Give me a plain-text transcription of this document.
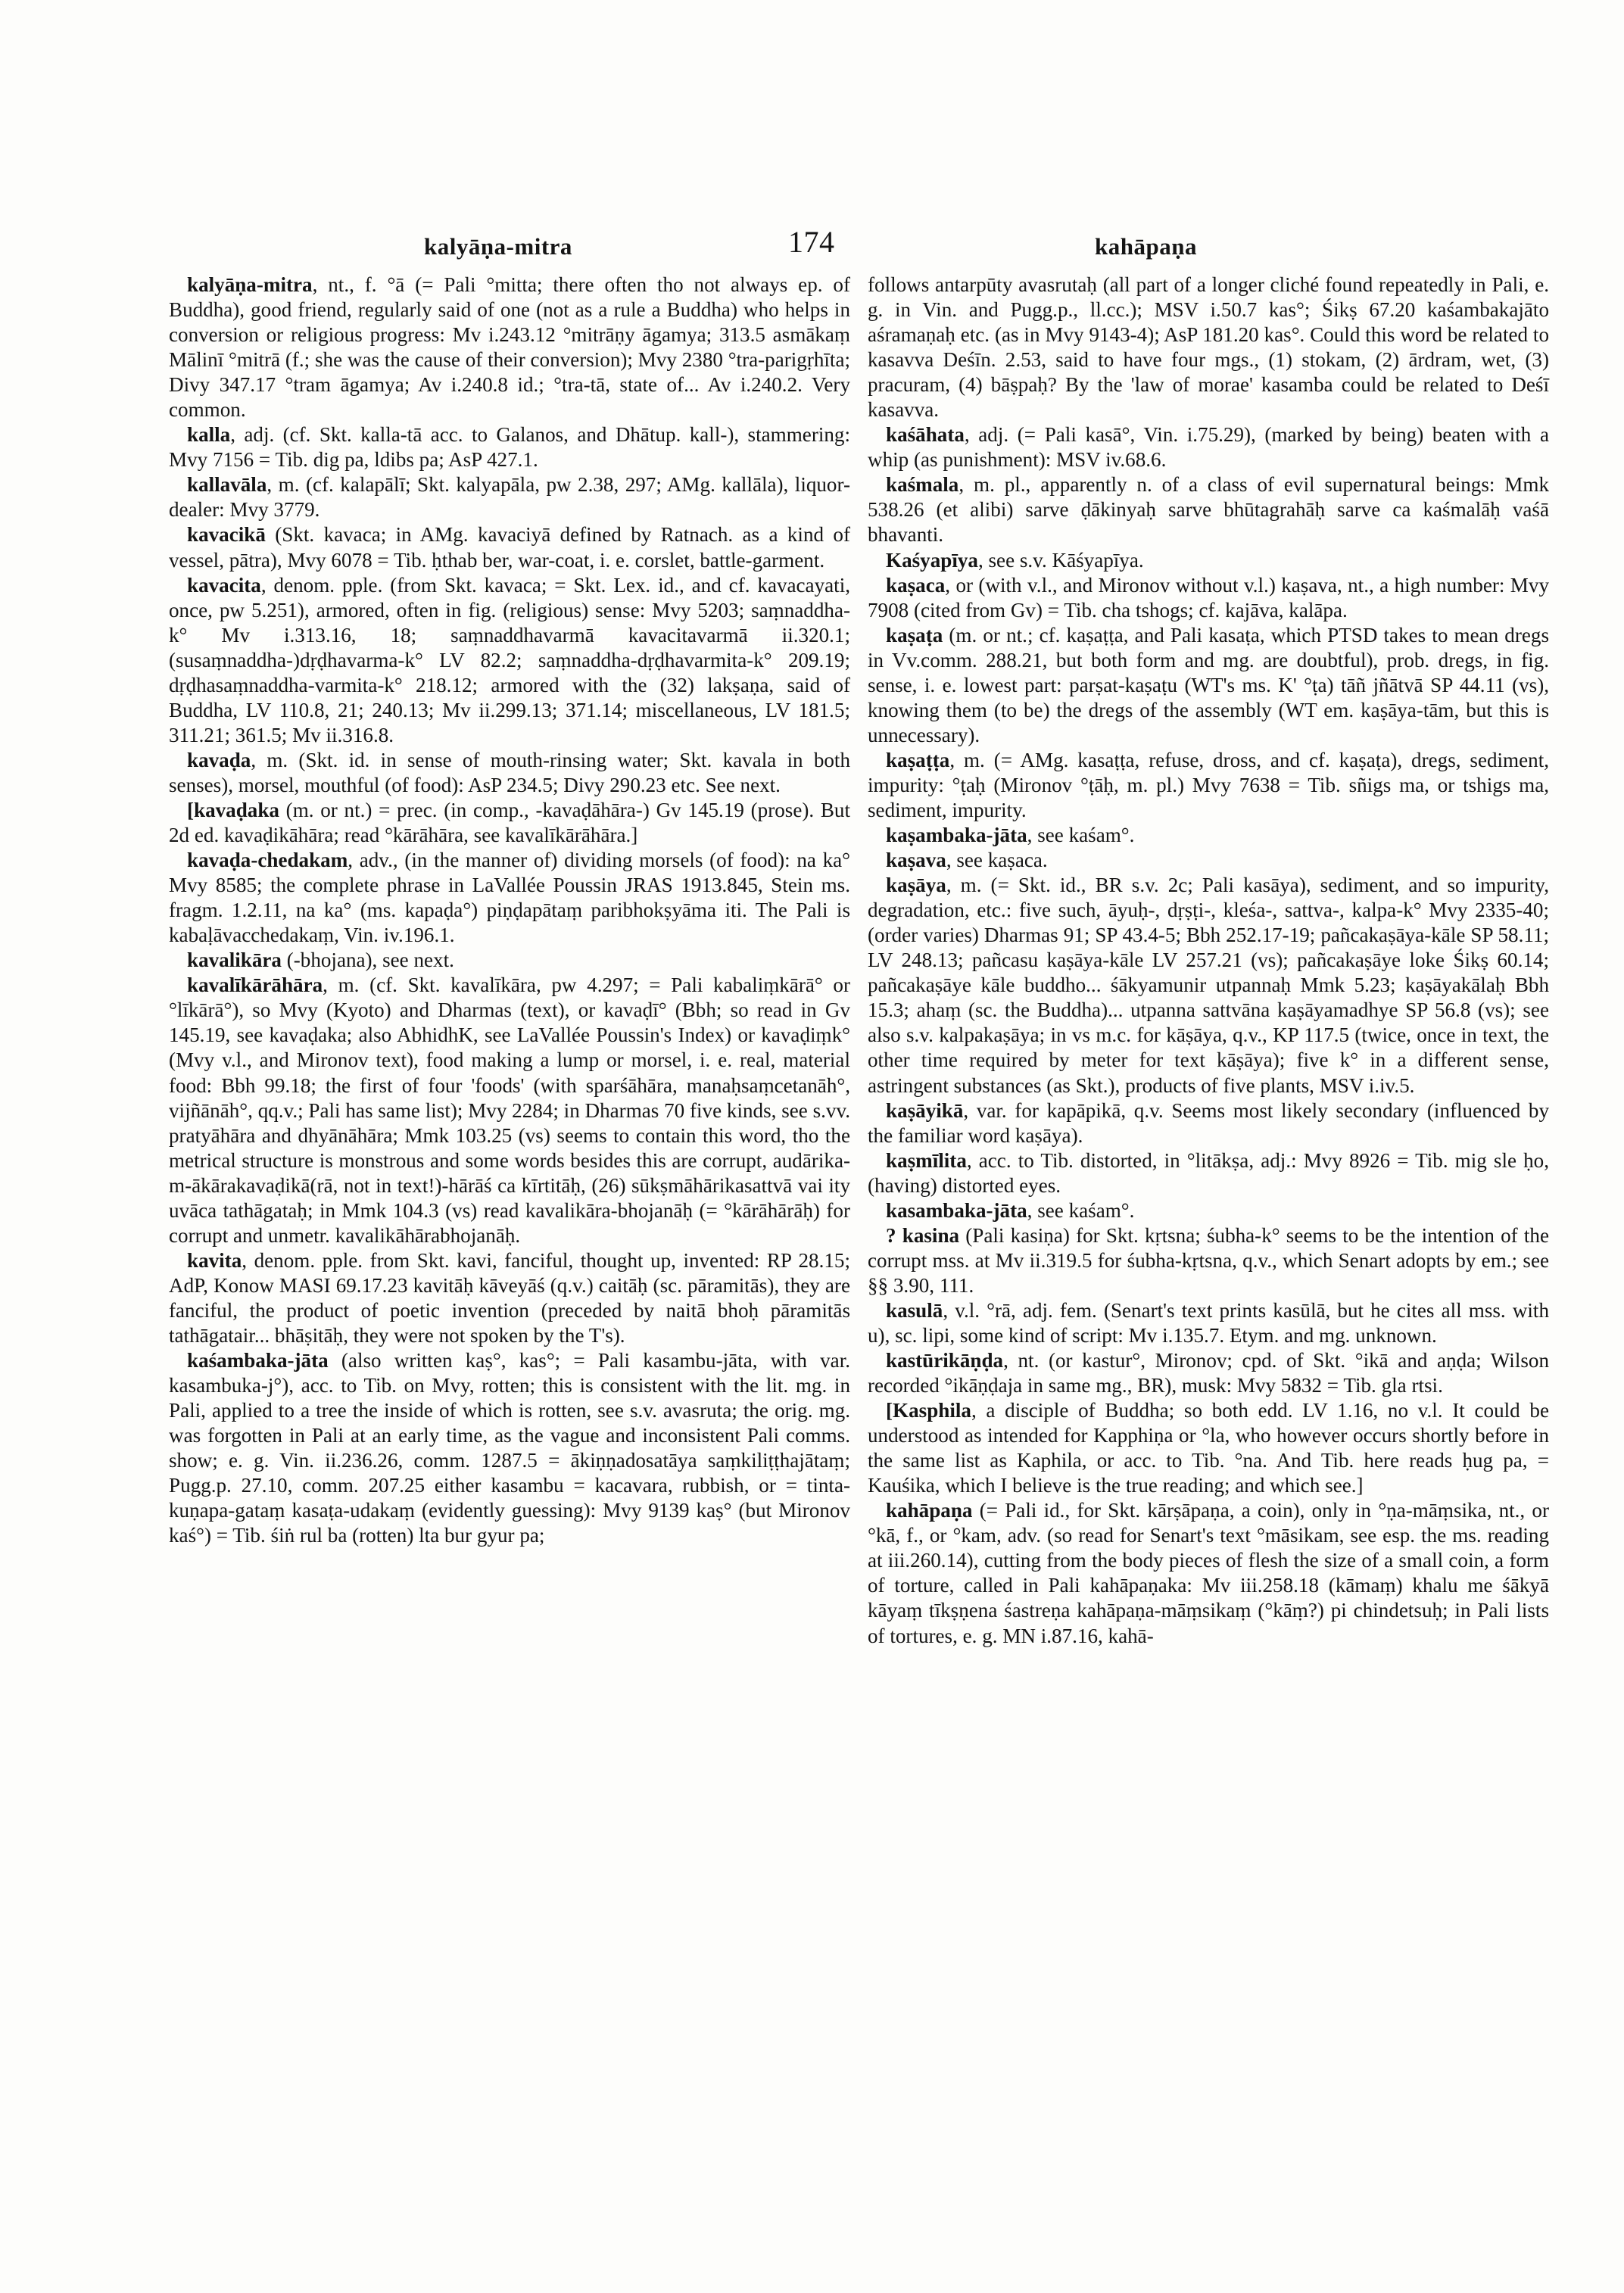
kalyāṇa-mitra	174	kahāpaṇa

kalyāṇa-mitra, nt., f. °ā (= Pali °mitta; there often tho not always ep. of Buddha), good friend, regularly said of one (not as a rule a Buddha) who helps in conversion or religious progress: Mv i.243.12 °mitrāṇy āgamya; 313.5 asmākaṃ Mālinī °mitrā (f.; she was the cause of their conversion); Mvy 2380 °tra-parigṛhīta; Divy 347.17 °tram āgamya; Av i.240.8 id.; °tra-tā, state of... Av i.240.2. Very common.

kalla, adj. (cf. Skt. kalla-tā acc. to Galanos, and Dhātup. kall-), stammering: Mvy 7156 = Tib. dig pa, ldibs pa; AsP 427.1.

kallavāla, m. (cf. kalapālī; Skt. kalyapāla, pw 2.38, 297; AMg. kallāla), liquor-dealer: Mvy 3779.

kavacikā (Skt. kavaca; in AMg. kavaciyā defined by Ratnach. as a kind of vessel, pātra), Mvy 6078 = Tib. ḥthab ber, war-coat, i. e. corslet, battle-garment.

kavacita, denom. pple. (from Skt. kavaca; = Skt. Lex. id., and cf. kavacayati, once, pw 5.251), armored, often in fig. (religious) sense: Mvy 5203; saṃnaddha-k° Mv i.313.16, 18; saṃnaddhavarmā kavacitavarmā ii.320.1; (susaṃnaddha-)dṛḍhavarma-k° LV 82.2; saṃnaddha-dṛḍhavarmita-k° 209.19; dṛḍhasaṃnaddha-varmita-k° 218.12; armored with the (32) lakṣaṇa, said of Buddha, LV 110.8, 21; 240.13; Mv ii.299.13; 371.14; miscellaneous, LV 181.5; 311.21; 361.5; Mv ii.316.8.

kavaḍa, m. (Skt. id. in sense of mouth-rinsing water; Skt. kavala in both senses), morsel, mouthful (of food): AsP 234.5; Divy 290.23 etc. See next.

[kavaḍaka (m. or nt.) = prec. (in comp., -kavaḍāhāra-) Gv 145.19 (prose). But 2d ed. kavaḍikāhāra; read °kārāhāra, see kavalīkārāhāra.]

kavaḍa-chedakam, adv., (in the manner of) dividing morsels (of food): na ka° Mvy 8585; the complete phrase in LaVallée Poussin JRAS 1913.845, Stein ms. fragm. 1.2.11, na ka° (ms. kapaḍa°) piṇḍapātaṃ paribhokṣyāma iti. The Pali is kabaḷāvacchedakaṃ, Vin. iv.196.1.

kavalikāra (-bhojana), see next.

kavalīkārāhāra, m. (cf. Skt. kavalīkāra, pw 4.297; = Pali kabaliṃkārā° or °līkārā°), so Mvy (Kyoto) and Dharmas (text), or kavaḍī° (Bbh; so read in Gv 145.19, see kavaḍaka; also AbhidhK, see LaVallée Poussin's Index) or kavaḍiṃk° (Mvy v.l., and Mironov text), food making a lump or morsel, i. e. real, material food: Bbh 99.18; the first of four 'foods' (with sparśāhāra, manaḥsaṃcetanāh°, vijñānāh°, qq.v.; Pali has same list); Mvy 2284; in Dharmas 70 five kinds, see s.vv. pratyāhāra and dhyānāhāra; Mmk 103.25 (vs) seems to contain this word, tho the metrical structure is monstrous and some words besides this are corrupt, audārika-m-ākārakavaḍikā(rā, not in text!)-hārāś ca kīrtitāḥ, (26) sūkṣmāhārikasattvā vai ity uvāca tathāgataḥ; in Mmk 104.3 (vs) read kavalikāra-bhojanāḥ (= °kārāhārāḥ) for corrupt and unmetr. kavalikāhārabhojanāḥ.

kavita, denom. pple. from Skt. kavi, fanciful, thought up, invented: RP 28.15; AdP, Konow MASI 69.17.23 kavitāḥ kāveyāś (q.v.) caitāḥ (sc. pāramitās), they are fanciful, the product of poetic invention (preceded by naitā bhoḥ pāramitās tathāgatair... bhāṣitāḥ, they were not spoken by the T's).

kaśambaka-jāta (also written kaṣ°, kas°; = Pali kasambu-jāta, with var. kasambuka-j°), acc. to Tib. on Mvy, rotten; this is consistent with the lit. mg. in Pali, applied to a tree the inside of which is rotten, see s.v. avasruta; the orig. mg. was forgotten in Pali at an early time, as the vague and inconsistent Pali comms. show; e. g. Vin. ii.236.26, comm. 1287.5 = ākiṇṇadosatāya saṃkiliṭṭhajātaṃ; Pugg.p. 27.10, comm. 207.25 either kasambu = kacavara, rubbish, or = tinta-kuṇapa-gataṃ kasaṭa-udakaṃ (evidently guessing): Mvy 9139 kaṣ° (but Mironov kaś°) = Tib. śiṅ rul ba (rotten) lta bur gyur pa;

follows antarpūty avasrutaḥ (all part of a longer cliché found repeatedly in Pali, e. g. in Vin. and Pugg.p., ll.cc.); MSV i.50.7 kas°; Śikṣ 67.20 kaśambakajāto aśramaṇaḥ etc. (as in Mvy 9143-4); AsP 181.20 kas°. Could this word be related to kasavva Deśīn. 2.53, said to have four mgs., (1) stokam, (2) ārdram, wet, (3) pracuram, (4) bāṣpaḥ? By the 'law of morae' kasamba could be related to Deśī kasavva.

kaśāhata, adj. (= Pali kasā°, Vin. i.75.29), (marked by being) beaten with a whip (as punishment): MSV iv.68.6.

kaśmala, m. pl., apparently n. of a class of evil supernatural beings: Mmk 538.26 (et alibi) sarve ḍākinyaḥ sarve bhūtagrahāḥ sarve ca kaśmalāḥ vaśā bhavanti.

Kaśyapīya, see s.v. Kāśyapīya.

kaṣaca, or (with v.l., and Mironov without v.l.) kaṣava, nt., a high number: Mvy 7908 (cited from Gv) = Tib. cha tshogs; cf. kajāva, kalāpa.

kaṣaṭa (m. or nt.; cf. kaṣaṭṭa, and Pali kasaṭa, which PTSD takes to mean dregs in Vv.comm. 288.21, but both form and mg. are doubtful), prob. dregs, in fig. sense, i. e. lowest part: parṣat-kaṣaṭu (WT's ms. K' °ṭa) tāñ jñātvā SP 44.11 (vs), knowing them (to be) the dregs of the assembly (WT em. kaṣāya-tām, but this is unnecessary).

kaṣaṭṭa, m. (= AMg. kasaṭṭa, refuse, dross, and cf. kaṣaṭa), dregs, sediment, impurity: °ṭaḥ (Mironov °ṭāḥ, m. pl.) Mvy 7638 = Tib. sñigs ma, or tshigs ma, sediment, impurity.

kaṣambaka-jāta, see kaśam°.

kaṣava, see kaṣaca.

kaṣāya, m. (= Skt. id., BR s.v. 2c; Pali kasāya), sediment, and so impurity, degradation, etc.: five such, āyuḥ-, dṛṣṭi-, kleśa-, sattva-, kalpa-k° Mvy 2335-40; (order varies) Dharmas 91; SP 43.4-5; Bbh 252.17-19; pañcakaṣāya-kāle SP 58.11; LV 248.13; pañcasu kaṣāya-kāle LV 257.21 (vs); pañcakaṣāye loke Śikṣ 60.14; pañcakaṣāye kāle buddho... śākyamunir utpannaḥ Mmk 5.23; kaṣāyakālaḥ Bbh 15.3; ahaṃ (sc. the Buddha)... utpanna sattvāna kaṣāyamadhye SP 56.8 (vs); see also s.v. kalpakaṣāya; in vs m.c. for kāṣāya, q.v., KP 117.5 (twice, once in text, the other time required by meter for text kāṣāya); five k° in a different sense, astringent substances (as Skt.), products of five plants, MSV i.iv.5.

kaṣāyikā, var. for kapāpikā, q.v. Seems most likely secondary (influenced by the familiar word kaṣāya).

kaṣmīlita, acc. to Tib. distorted, in °litākṣa, adj.: Mvy 8926 = Tib. mig sle ḥo, (having) distorted eyes.

kasambaka-jāta, see kaśam°.

? kasina (Pali kasiṇa) for Skt. kṛtsna; śubha-k° seems to be the intention of the corrupt mss. at Mv ii.319.5 for śubha-kṛtsna, q.v., which Senart adopts by em.; see §§ 3.90, 111.

kasulā, v.l. °rā, adj. fem. (Senart's text prints kasūlā, but he cites all mss. with u), sc. lipi, some kind of script: Mv i.135.7. Etym. and mg. unknown.

kastūrikāṇḍa, nt. (or kastur°, Mironov; cpd. of Skt. °ikā and aṇḍa; Wilson recorded °ikāṇḍaja in same mg., BR), musk: Mvy 5832 = Tib. gla rtsi.

[Kasphila, a disciple of Buddha; so both edd. LV 1.16, no v.l. It could be understood as intended for Kapphiṇa or °la, who however occurs shortly before in the same list as Kaphila, or acc. to Tib. °na. And Tib. here reads ḥug pa, = Kauśika, which I believe is the true reading; and which see.]

kahāpaṇa (= Pali id., for Skt. kārṣāpaṇa, a coin), only in °ṇa-māṃsika, nt., or °kā, f., or °kam, adv. (so read for Senart's text °māsikam, see esp. the ms. reading at iii.260.14), cutting from the body pieces of flesh the size of a small coin, a form of torture, called in Pali kahāpaṇaka: Mv iii.258.18 (kāmaṃ) khalu me śākyā kāyaṃ tīkṣṇena śastreṇa kahāpaṇa-māṃsikaṃ (°kāṃ?) pi chindetsuḥ; in Pali lists of tortures, e. g. MN i.87.16, kahā-
